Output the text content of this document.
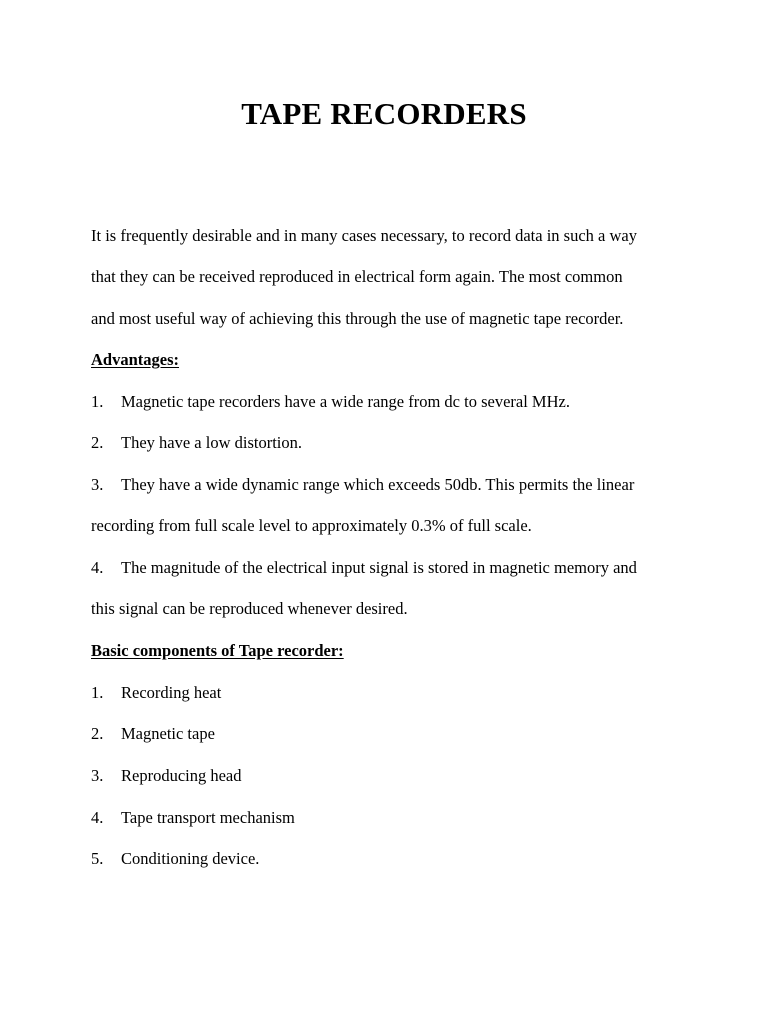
TAPE RECORDERS

It is frequently desirable and in many cases necessary, to record data in such a way

that they can be received reproduced in electrical form again. The most common

and most useful way of achieving this through the use of magnetic tape recorder.

Advantages:

1. Magnetic tape recorders have a wide range from dc to several MHz.

2. They have a low distortion.

3. They have a wide dynamic range which exceeds 50db. This permits the linear

recording from full scale level to approximately 0.3% of full scale.

4. The magnitude of the electrical input signal is stored in magnetic memory and

this signal can be reproduced whenever desired.

Basic components of Tape recorder:

1. Recording heat

2. Magnetic tape

3. Reproducing head

4. Tape transport mechanism

5. Conditioning device.
